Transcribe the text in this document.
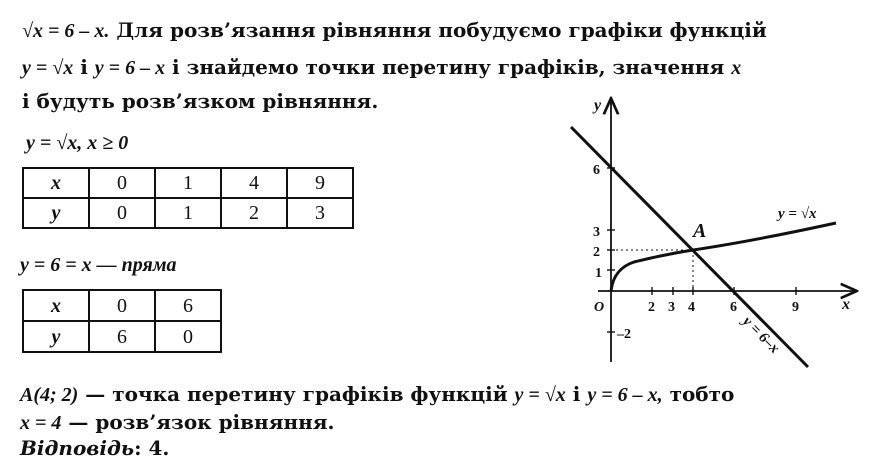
√x = 6 – x. Для розв’язання рівняння побудуємо графіки функцій
y = √x і y = 6 – x і знайдемо точки перетину графіків, значення x
і будуть розв’язком рівняння.
y = √x, x ≥ 0
x	0	1	4	9
y	0	1	2	3
y = 6 = x — пряма
x	0	6
y	6	0
6
3
2
1
–2
2 3 4	6	9
O
y
x
A
y = √x
y = 6–x
A(4; 2) — точка перетину графіків функцій y = √x і y = 6 – x, тобто
x = 4 — розв’язок рівняння.
Відповідь: 4.
